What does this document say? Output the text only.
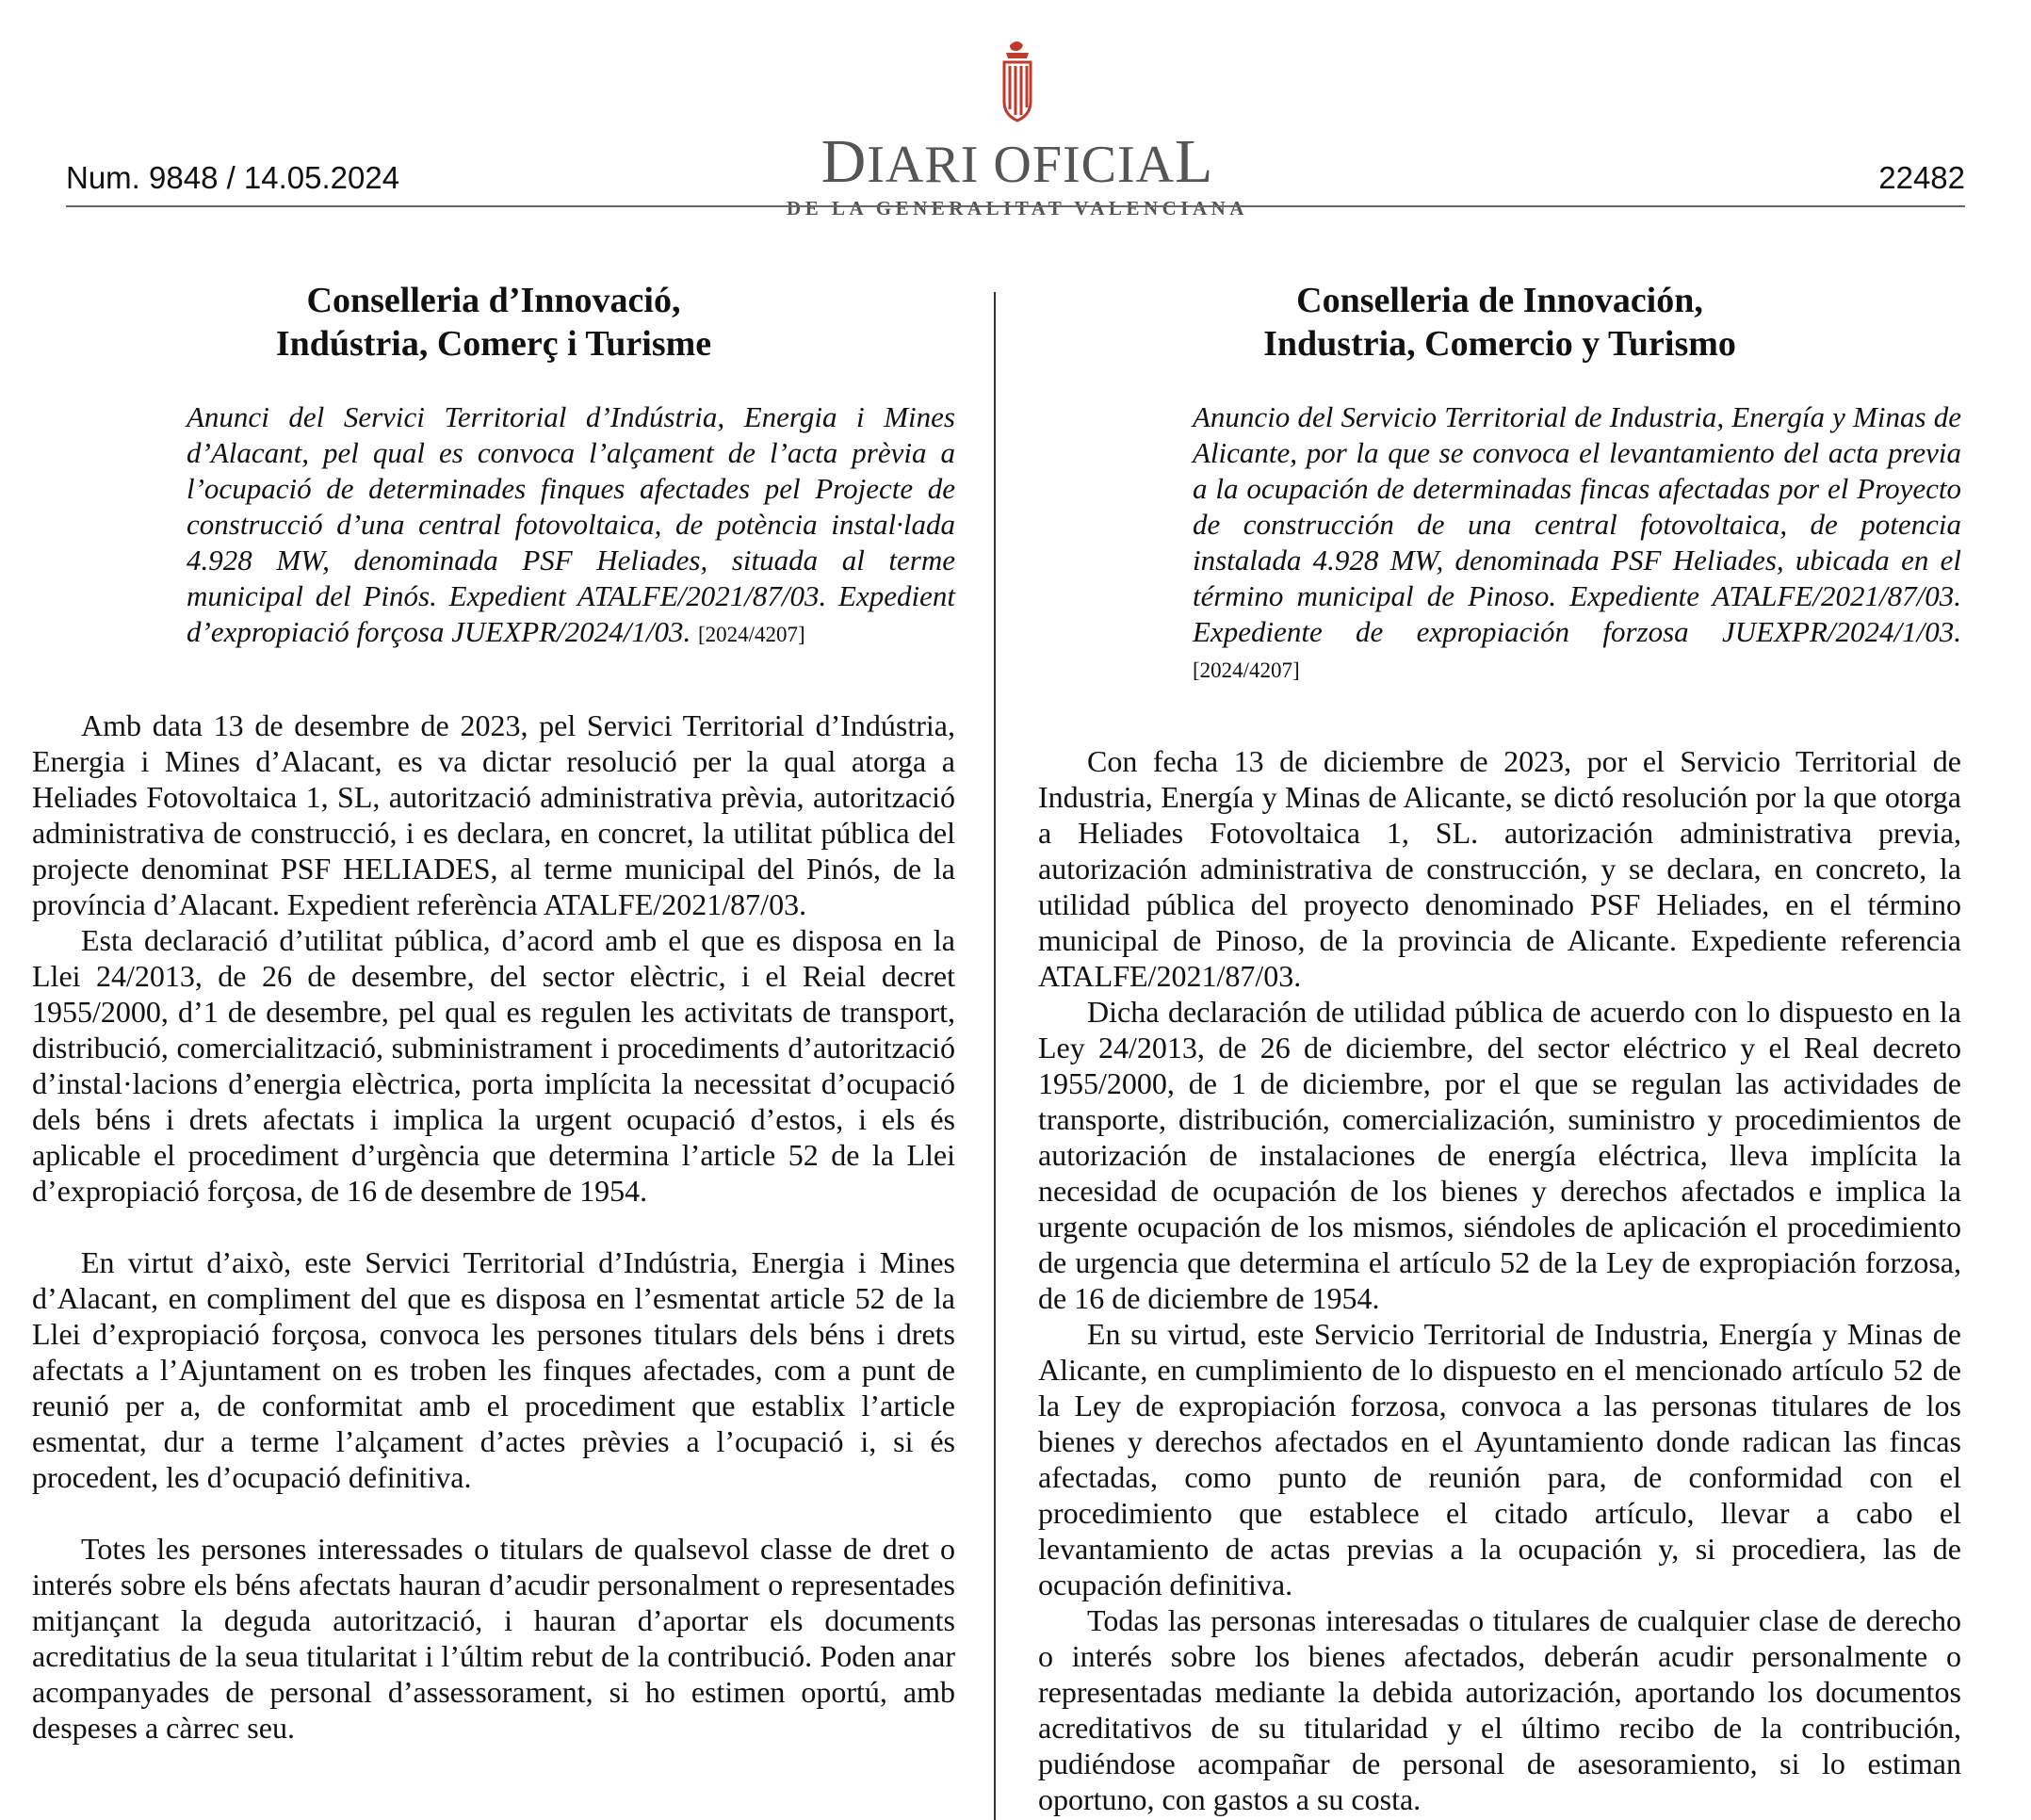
Num. 9848 / 14.05.2024	22482
DIARI OFICIAL
DE LA GENERALITAT VALENCIANA
Conselleria d’Innovació,
Indústria, Comerç i Turisme
Anunci del Servici Territorial d’Indústria, Energia i Mines d’Alacant, pel qual es convoca l’alçament de l’acta prèvia a l’ocupació de determinades finques afectades pel Projecte de construcció d’una central fotovoltaica, de potència instal·lada 4.928 MW, denominada PSF Heliades, situada al terme municipal del Pinós. Expedient ATALFE/2021/87/03. Expedient d’expropiació forçosa JUEXPR/2024/1/03. [2024/4207]

Amb data 13 de desembre de 2023, pel Servici Territorial d’Indústria, Energia i Mines d’Alacant, es va dictar resolució per la qual atorga a Heliades Fotovoltaica 1, SL, autorització administrativa prèvia, autorització administrativa de construcció, i es declara, en concret, la utilitat pública del projecte denominat PSF HELIADES, al terme municipal del Pinós, de la província d’Alacant. Expedient referència ATALFE/2021/87/03.

Esta declaració d’utilitat pública, d’acord amb el que es disposa en la Llei 24/2013, de 26 de desembre, del sector elèctric, i el Reial decret 1955/2000, d’1 de desembre, pel qual es regulen les activitats de transport, distribució, comercialització, subministrament i procediments d’autorització d’instal·lacions d’energia elèctrica, porta implícita la necessitat d’ocupació dels béns i drets afectats i implica la urgent ocupació d’estos, i els és aplicable el procediment d’urgència que determina l’article 52 de la Llei d’expropiació forçosa, de 16 de desembre de 1954.

En virtut d’això, este Servici Territorial d’Indústria, Energia i Mines d’Alacant, en compliment del que es disposa en l’esmentat article 52 de la Llei d’expropiació forçosa, convoca les persones titulars dels béns i drets afectats a l’Ajuntament on es troben les finques afectades, com a punt de reunió per a, de conformitat amb el procediment que establix l’article esmentat, dur a terme l’alçament d’actes prèvies a l’ocupació i, si és procedent, les d’ocupació definitiva.

Totes les persones interessades o titulars de qualsevol classe de dret o interés sobre els béns afectats hauran d’acudir personalment o representades mitjançant la deguda autorització, i hauran d’aportar els documents acreditatius de la seua titularitat i l’últim rebut de la contribució. Poden anar acompanyades de personal d’assessorament, si ho estimen oportú, amb despeses a càrrec seu.

Conselleria de Innovación,
Industria, Comercio y Turismo
Anuncio del Servicio Territorial de Industria, Energía y Minas de Alicante, por la que se convoca el levantamiento del acta previa a la ocupación de determinadas fincas afectadas por el Proyecto de construcción de una central fotovoltaica, de potencia instalada 4.928 MW, denominada PSF Heliades, ubicada en el término municipal de Pinoso. Expediente ATALFE/2021/87/03. Expediente de expropiación forzosa JUEXPR/2024/1/03. [2024/4207]

Con fecha 13 de diciembre de 2023, por el Servicio Territorial de Industria, Energía y Minas de Alicante, se dictó resolución por la que otorga a Heliades Fotovoltaica 1, SL. autorización administrativa previa, autorización administrativa de construcción, y se declara, en concreto, la utilidad pública del proyecto denominado PSF Heliades, en el término municipal de Pinoso, de la provincia de Alicante. Expediente referencia ATALFE/2021/87/03.

Dicha declaración de utilidad pública de acuerdo con lo dispuesto en la Ley 24/2013, de 26 de diciembre, del sector eléctrico y el Real decreto 1955/2000, de 1 de diciembre, por el que se regulan las actividades de transporte, distribución, comercialización, suministro y procedimientos de autorización de instalaciones de energía eléctrica, lleva implícita la necesidad de ocupación de los bienes y derechos afectados e implica la urgente ocupación de los mismos, siéndoles de aplicación el procedimiento de urgencia que determina el artículo 52 de la Ley de expropiación forzosa, de 16 de diciembre de 1954.

En su virtud, este Servicio Territorial de Industria, Energía y Minas de Alicante, en cumplimiento de lo dispuesto en el mencionado artículo 52 de la Ley de expropiación forzosa, convoca a las personas titulares de los bienes y derechos afectados en el Ayuntamiento donde radican las fincas afectadas, como punto de reunión para, de conformidad con el procedimiento que establece el citado artículo, llevar a cabo el levantamiento de actas previas a la ocupación y, si procediera, las de ocupación definitiva.

Todas las personas interesadas o titulares de cualquier clase de derecho o interés sobre los bienes afectados, deberán acudir personalmente o representadas mediante la debida autorización, aportando los documentos acreditativos de su titularidad y el último recibo de la contribución, pudiéndose acompañar de personal de asesoramiento, si lo estiman oportuno, con gastos a su costa.
